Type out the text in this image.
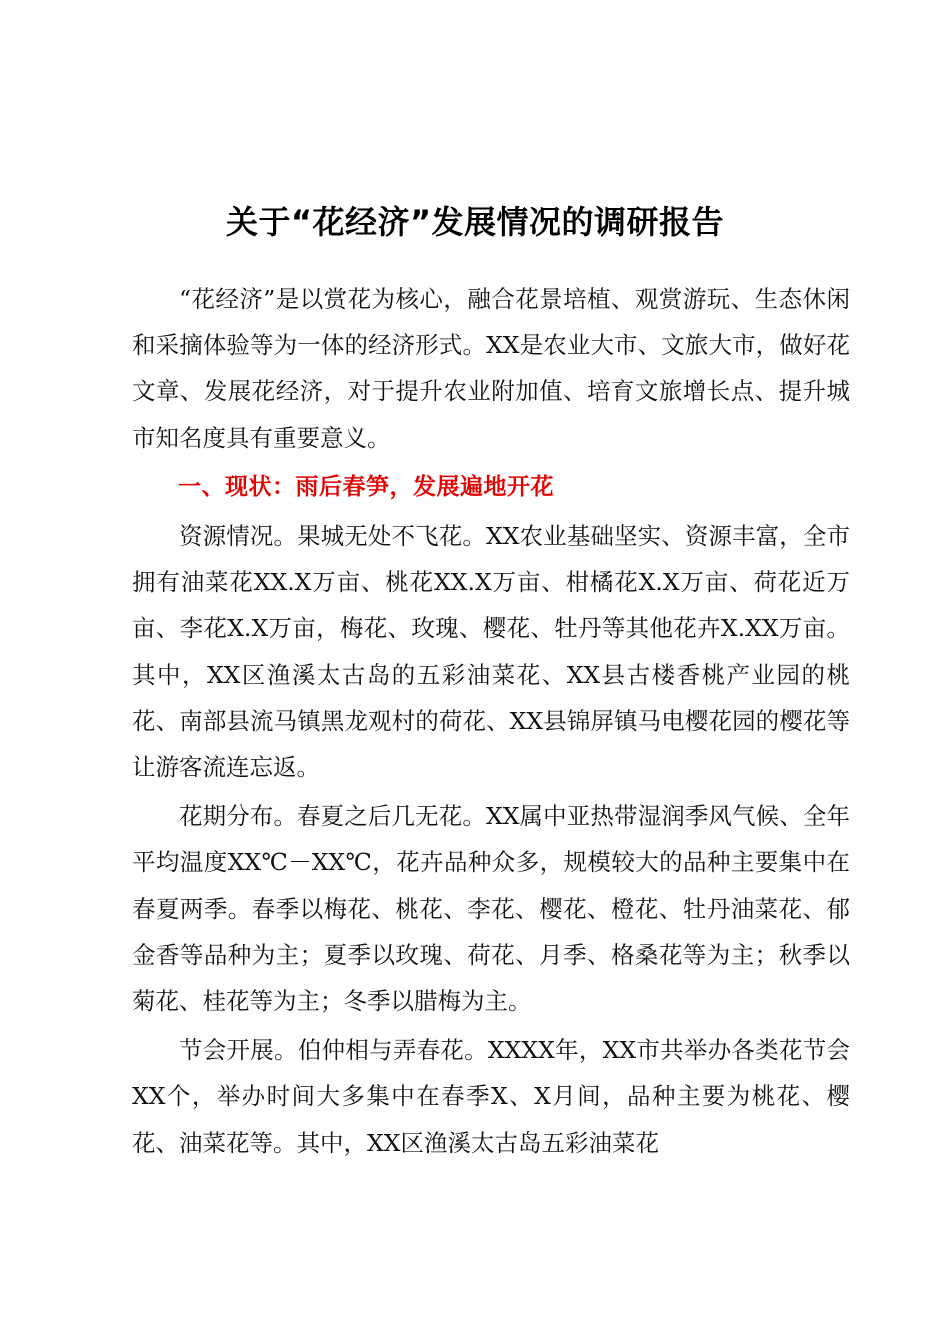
关于“花经济”发展情况的调研报告

“花经济”是以赏花为核心，融合花景培植、观赏游玩、生态休闲和采摘体验等为一体的经济形式。XX是农业大市、文旅大市，做好花文章、发展花经济，对于提升农业附加值、培育文旅增长点、提升城市知名度具有重要意义。

一、现状：雨后春笋，发展遍地开花

资源情况。果城无处不飞花。XX农业基础坚实、资源丰富，全市拥有油菜花XX.X万亩、桃花XX.X万亩、柑橘花X.X万亩、荷花近万亩、李花X.X万亩，梅花、玫瑰、樱花、牡丹等其他花卉X.XX万亩。其中，XX区渔溪太古岛的五彩油菜花、XX县古楼香桃产业园的桃花、南部县流马镇黑龙观村的荷花、XX县锦屏镇马电樱花园的樱花等让游客流连忘返。

花期分布。春夏之后几无花。XX属中亚热带湿润季风气候、全年平均温度XX℃－XX℃，花卉品种众多，规模较大的品种主要集中在春夏两季。春季以梅花、桃花、李花、樱花、橙花、牡丹油菜花、郁金香等品种为主；夏季以玫瑰、荷花、月季、格桑花等为主；秋季以菊花、桂花等为主；冬季以腊梅为主。

节会开展。伯仲相与弄春花。XXXX年，XX市共举办各类花节会XX个，举办时间大多集中在春季X、X月间，品种主要为桃花、樱花、油菜花等。其中，XX区渔溪太古岛五彩油菜花
